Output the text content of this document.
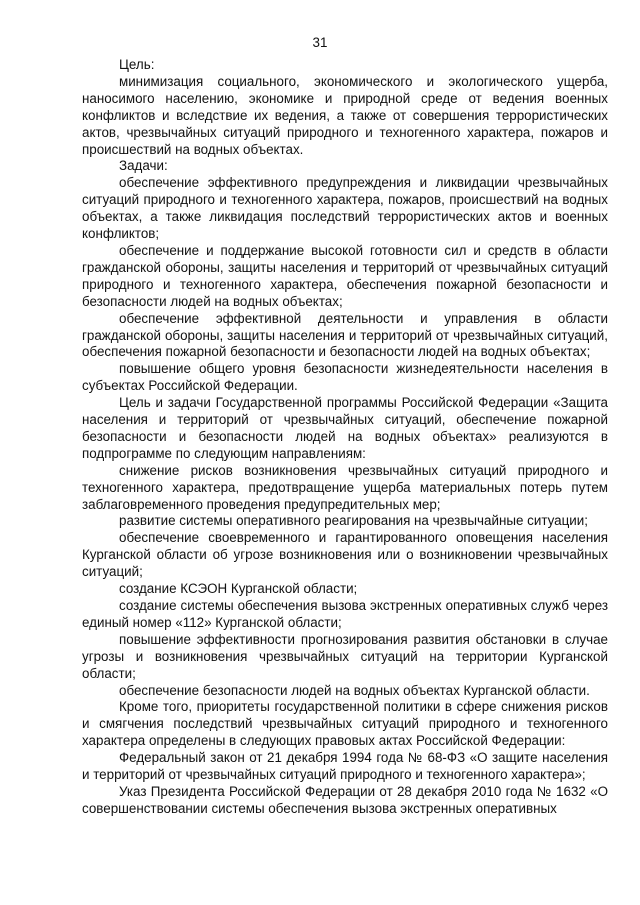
31

Цель:

минимизация социального, экономического и экологического ущерба, наносимого населению, экономике и природной среде от ведения военных конфликтов и вследствие их ведения, а также от совершения террористических актов, чрезвычайных ситуаций природного и техногенного характера, пожаров и происшествий на водных объектах.

Задачи:

обеспечение эффективного предупреждения и ликвидации чрезвычайных ситуаций природного и техногенного характера, пожаров, происшествий на водных объектах, а также ликвидация последствий террористических актов и военных конфликтов;

обеспечение и поддержание высокой готовности сил и средств в области гражданской обороны, защиты населения и территорий от чрезвычайных ситуаций природного и техногенного характера, обеспечения пожарной безопасности и безопасности людей на водных объектах;

обеспечение эффективной деятельности и управления в области гражданской обороны, защиты населения и территорий от чрезвычайных ситуаций, обеспечения пожарной безопасности и безопасности людей на водных объектах;

повышение общего уровня безопасности жизнедеятельности населения в субъектах Российской Федерации.

Цель и задачи Государственной программы Российской Федерации «Защита населения и территорий от чрезвычайных ситуаций, обеспечение пожарной безопасности и безопасности людей на водных объектах» реализуются в подпрограмме по следующим направлениям:

снижение рисков возникновения чрезвычайных ситуаций природного и техногенного характера, предотвращение ущерба материальных потерь путем заблаговременного проведения предупредительных мер;

развитие системы оперативного реагирования на чрезвычайные ситуации;

обеспечение своевременного и гарантированного оповещения населения Курганской области об угрозе возникновения или о возникновении чрезвычайных ситуаций;

создание КСЭОН Курганской области;

создание системы обеспечения вызова экстренных оперативных служб через единый номер «112» Курганской области;

повышение эффективности прогнозирования развития обстановки в случае угрозы и возникновения чрезвычайных ситуаций на территории Курганской области;

обеспечение безопасности людей на водных объектах Курганской области.

Кроме того, приоритеты государственной политики в сфере снижения рисков и смягчения последствий чрезвычайных ситуаций природного и техногенного характера определены в следующих правовых актах Российской Федерации:

Федеральный закон от 21 декабря 1994 года № 68-ФЗ «О защите населения и территорий от чрезвычайных ситуаций природного и техногенного характера»;

Указ Президента Российской Федерации от 28 декабря 2010 года № 1632 «О совершенствовании системы обеспечения вызова экстренных оперативных
